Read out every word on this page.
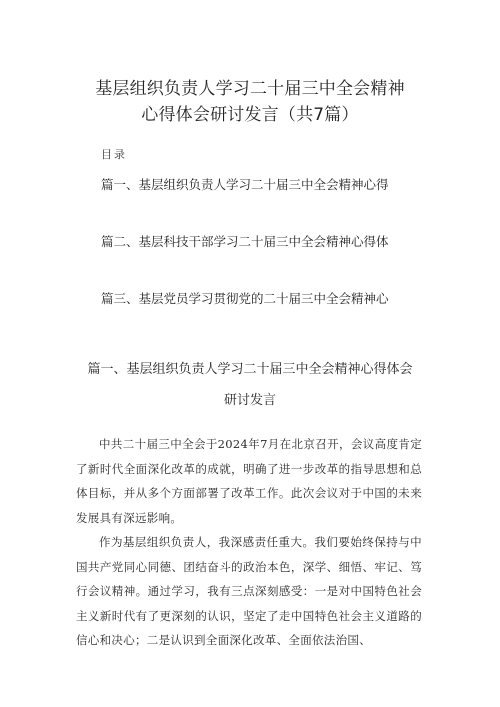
基层组织负责人学习二十届三中全会精神
心得体会研讨发言（共7篇）
目录
篇一、基层组织负责人学习二十届三中全会精神心得
篇二、基层科技干部学习二十届三中全会精神心得体
篇三、基层党员学习贯彻党的二十届三中全会精神心
篇一、基层组织负责人学习二十届三中全会精神心得体会
研讨发言

中共二十届三中全会于2024年7月在北京召开，会议高度肯定了新时代全面深化改革的成就，明确了进一步改革的指导思想和总体目标，并从多个方面部署了改革工作。此次会议对于中国的未来发展具有深远影响。

作为基层组织负责人，我深感责任重大。我们要始终保持与中国共产党同心同德、团结奋斗的政治本色，深学、细悟、牢记、笃行会议精神。通过学习，我有三点深刻感受：一是对中国特色社会主义新时代有了更深刻的认识，坚定了走中国特色社会主义道路的信心和决心；二是认识到全面深化改革、全面依法治国、
